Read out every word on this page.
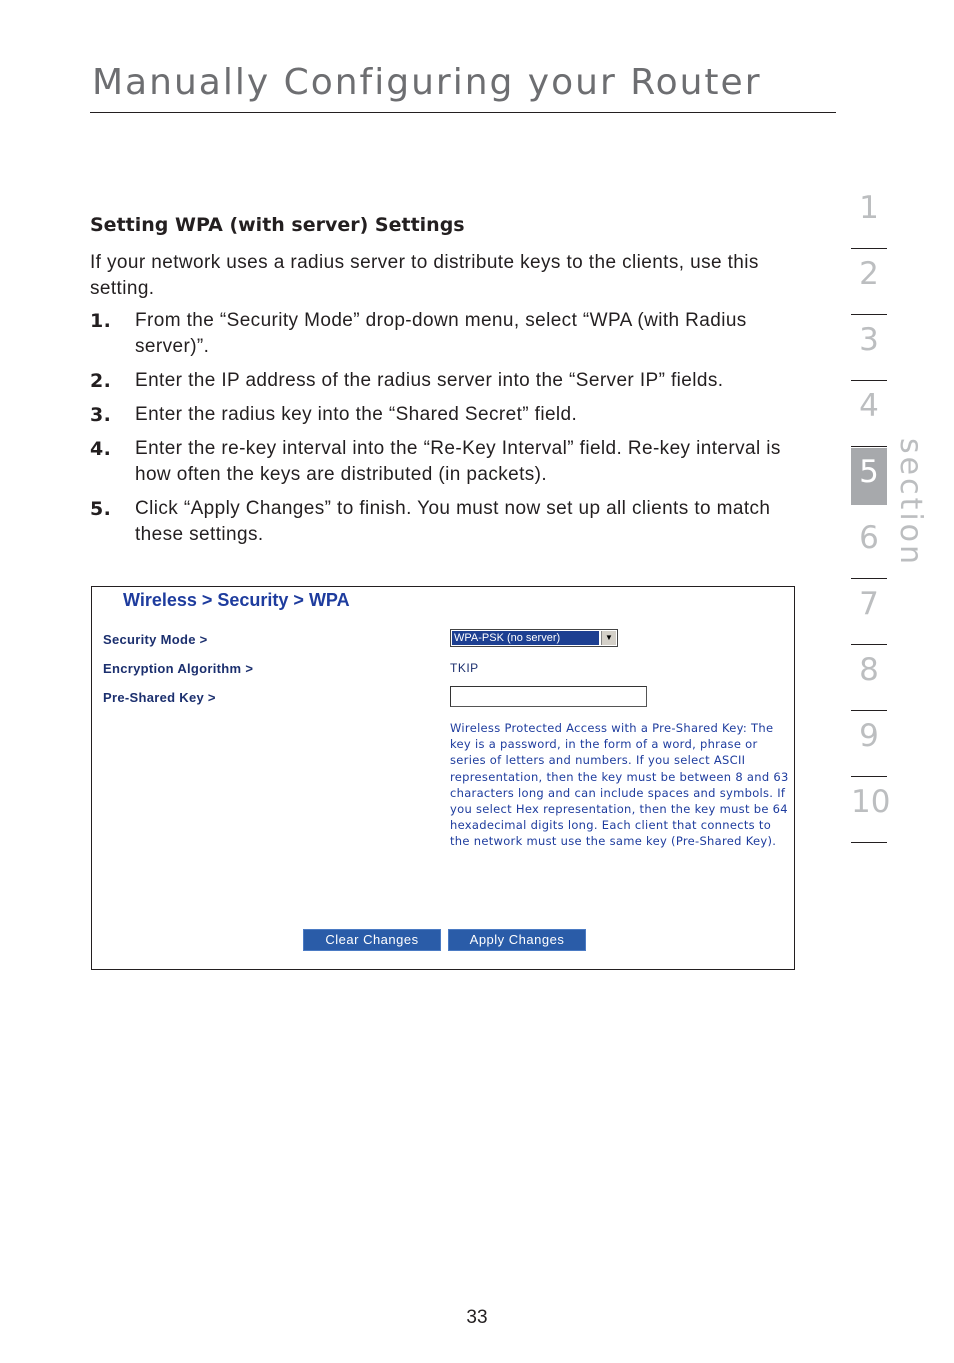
Manually Configuring your Router
1
2
3
4
5
6
7
8
9
10
section
Setting WPA (with server) Settings

If your network uses a radius server to distribute keys to the clients, use this setting.

1. From the “Security Mode” drop-down menu, select “WPA (with Radius server)”.
2. Enter the IP address of the radius server into the “Server IP” fields.
3. Enter the radius key into the “Shared Secret” field.
4. Enter the re-key interval into the “Re-Key Interval” field. Re-key interval is how often the keys are distributed (in packets).
5. Click “Apply Changes” to finish. You must now set up all clients to match these settings.
Wireless > Security > WPA
Security Mode >	WPA-PSK (no server)	▼
Encryption Algorithm >	TKIP
Pre-Shared Key >
Wireless Protected Access with a Pre-Shared Key: The key is a password, in the form of a word, phrase or series of letters and numbers. If you select ASCII representation, then the key must be between 8 and 63 characters long and can include spaces and symbols. If you select Hex representation, then the key must be 64 hexadecimal digits long. Each client that connects to the network must use the same key (Pre-Shared Key).
Clear Changes	Apply Changes
33
